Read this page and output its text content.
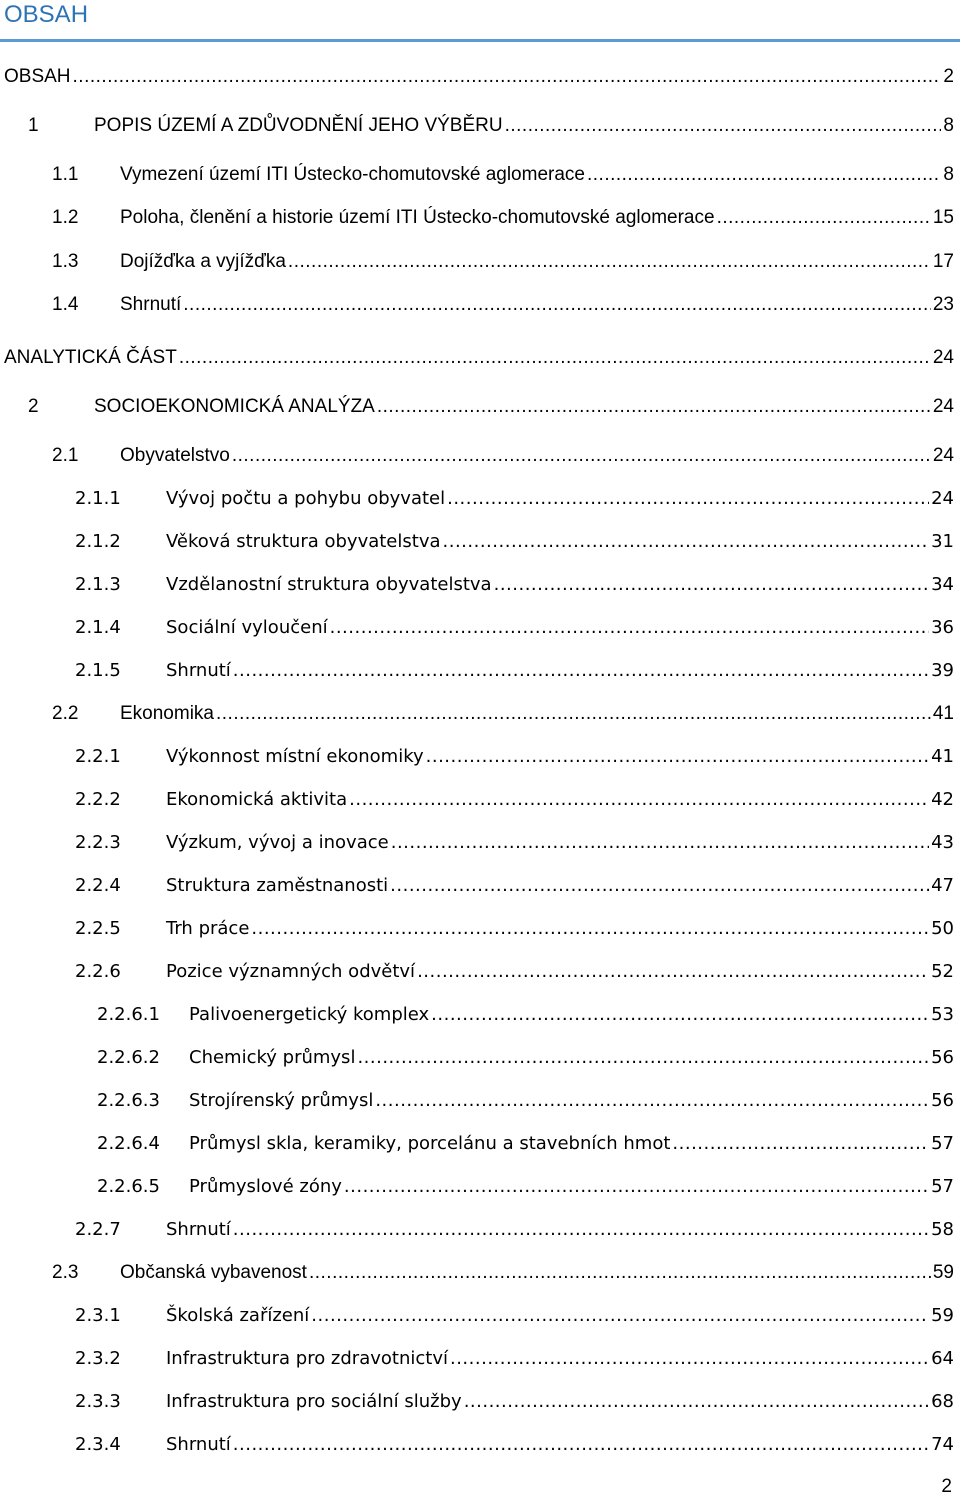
OBSAH
OBSAH .....	2
1	POPIS ÚZEMÍ A ZDŮVODNĚNÍ JEHO VÝBĚRU .....	8
1.1	Vymezení území ITI Ústecko-chomutovské aglomerace .....	8
1.2	Poloha, členění a historie území ITI Ústecko-chomutovské aglomerace .....	15
1.3	Dojížďka a vyjížďka .....	17
1.4	Shrnutí .....	23
ANALYTICKÁ ČÁST .....	24
2	SOCIOEKONOMICKÁ ANALÝZA .....	24
2.1	Obyvatelstvo .....	24
2.1.1	Vývoj počtu a pohybu obyvatel .....	24
2.1.2	Věková struktura obyvatelstva .....	31
2.1.3	Vzdělanostní struktura obyvatelstva .....	34
2.1.4	Sociální vyloučení .....	36
2.1.5	Shrnutí .....	39
2.2	Ekonomika .....	41
2.2.1	Výkonnost místní ekonomiky .....	41
2.2.2	Ekonomická aktivita .....	42
2.2.3	Výzkum, vývoj a inovace .....	43
2.2.4	Struktura zaměstnanosti .....	47
2.2.5	Trh práce .....	50
2.2.6	Pozice významných odvětví .....	52
2.2.6.1	Palivoenergetický komplex .....	53
2.2.6.2	Chemický průmysl .....	56
2.2.6.3	Strojírenský průmysl .....	56
2.2.6.4	Průmysl skla, keramiky, porcelánu a stavebních hmot .....	57
2.2.6.5	Průmyslové zóny .....	57
2.2.7	Shrnutí .....	58
2.3	Občanská vybavenost .....	59
2.3.1	Školská zařízení .....	59
2.3.2	Infrastruktura pro zdravotnictví .....	64
2.3.3	Infrastruktura pro sociální služby .....	68
2.3.4	Shrnutí .....	74
2
